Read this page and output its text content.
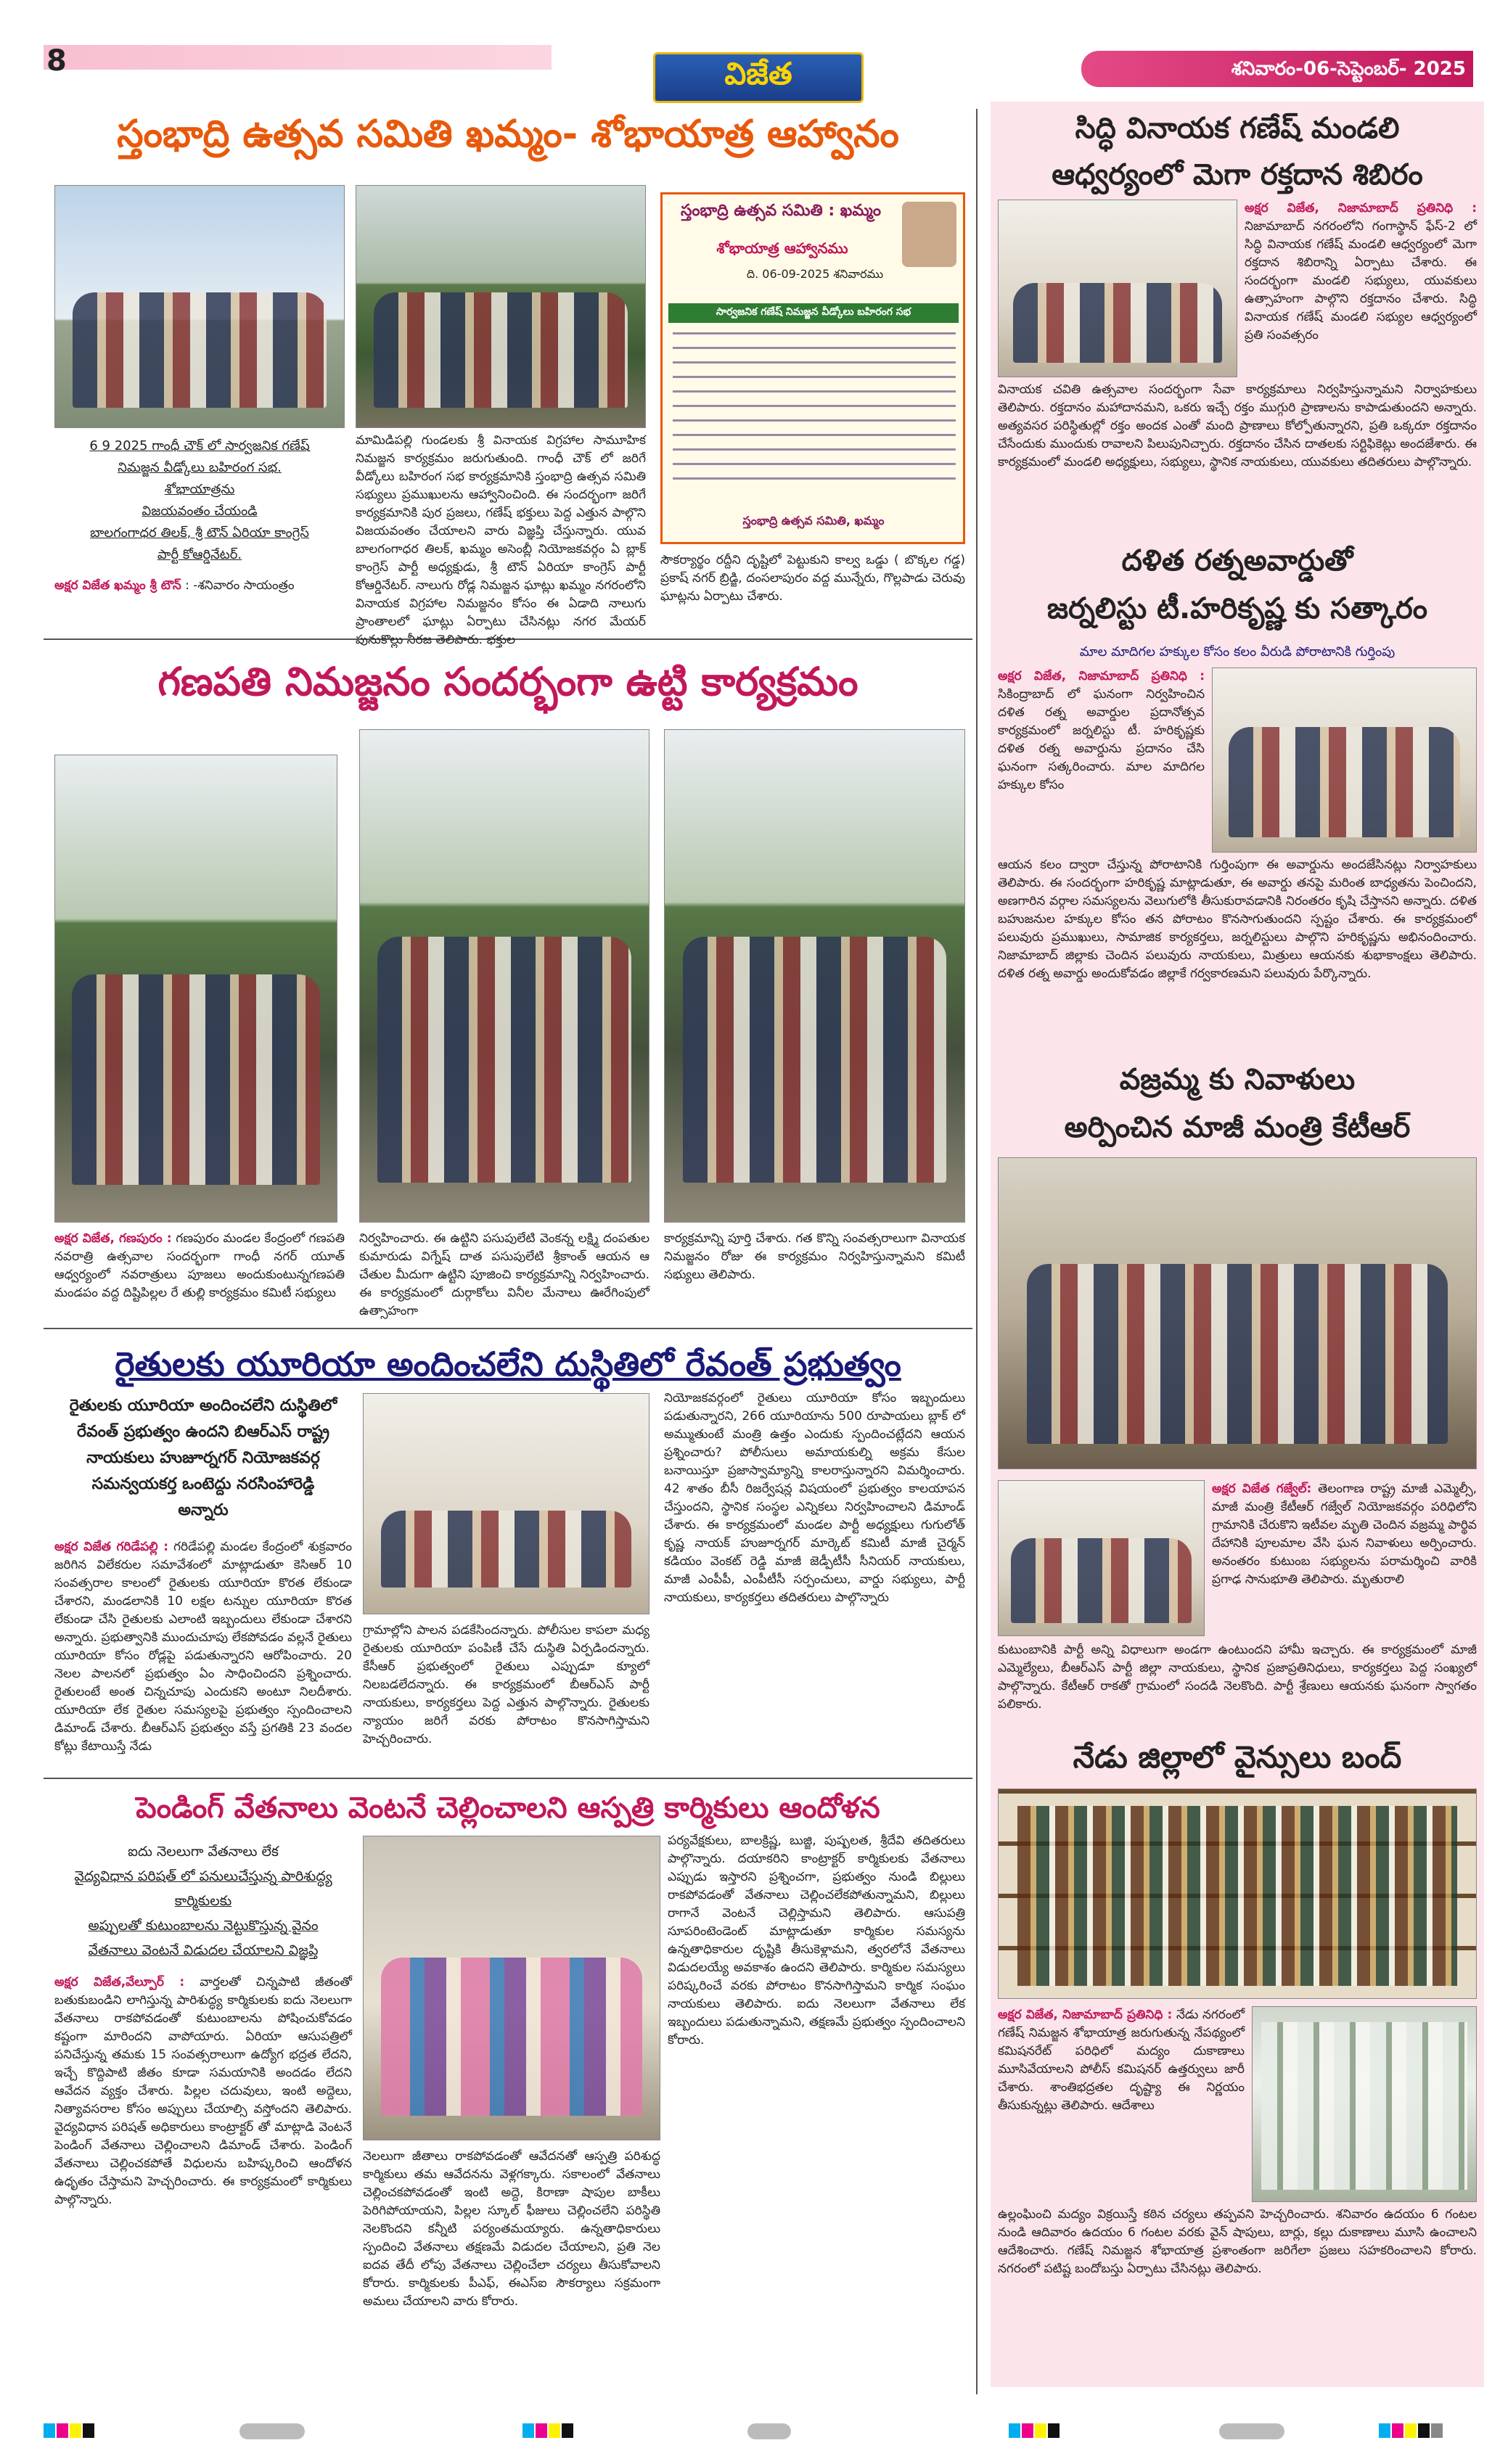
8	విజేత	శనివారం-06-సెప్టెంబర్- 2025
స్తంభాద్రి ఉత్సవ సమితి ఖమ్మం- శోభాయాత్ర ఆహ్వానం
స్తంభాద్రి ఉత్సవ సమితి : ఖమ్మం
శోభాయాత్ర ఆహ్వానము
ది. 06-09-2025 శనివారము
సార్వజనిక గణేష్ నిమజ్జన వీడ్కోలు బహిరంగ సభ
స్తంభాద్రి ఉత్సవ సమితి, ఖమ్మం
6 9 2025 గాంధీ చౌక్ లో సార్వజనిక గణేష్
నిమజ్జన వీడ్కోలు బహిరంగ సభ.
శోభాయాత్రను
విజయవంతం చేయండి
బాలగంగాధర తిలక్, శ్రీ టౌన్ ఏరియా కాంగ్రెస్
పార్టీ కోఆర్డినేటర్.
అక్షర విజేత ఖమ్మం శ్రీ టౌన్ : -శనివారం సాయంత్రం
మామిడిపల్లి గుండలకు శ్రీ వినాయక విగ్రహాల సామూహిక నిమజ్జన కార్యక్రమం జరుగుతుంది. గాంధీ చౌక్ లో జరిగే వీడ్కోలు బహిరంగ సభ కార్యక్రమానికి స్తంభాద్రి ఉత్సవ సమితి సభ్యులు ప్రముఖులను ఆహ్వానించింది. ఈ సందర్భంగా జరిగే కార్యక్రమానికి పుర ప్రజలు, గణేష్ భక్తులు పెద్ద ఎత్తున పాల్గొని విజయవంతం చేయాలని వారు విజ్ఞప్తి చేస్తున్నారు. యువ బాలగంగాధర తిలక్, ఖమ్మం అసెంబ్లీ నియోజకవర్గం ఏ బ్లాక్ కాంగ్రెస్ పార్టీ అధ్యక్షుడు, శ్రీ టౌన్ ఏరియా కాంగ్రెస్ పార్టీ కోఆర్డినేటర్. నాలుగు రోడ్ల నిమజ్జన ఘాట్లు ఖమ్మం నగరంలోని వినాయక విగ్రహాల నిమజ్జనం కోసం ఈ ఏడాది నాలుగు ప్రాంతాలలో ఘాట్లు ఏర్పాటు చేసినట్లు నగర మేయర్ పునుకొల్లు నీరజ తెలిపారు. భక్తుల
సౌకర్యార్థం రద్దీని దృష్టిలో పెట్టుకుని కాల్వ ఒడ్డు ( బొక్కల గడ్డ) ప్రకాష్ నగర్ బ్రిడ్జి, దంసలాపురం వద్ద మున్నేరు, గొల్లపాడు చెరువు ఘాట్లను ఏర్పాటు చేశారు.
గణపతి నిమజ్జనం సందర్భంగా ఉట్టి కార్యక్రమం
అక్షర విజేత, గణపురం : గణపురం మండల కేంద్రంలో గణపతి నవరాత్రి ఉత్సవాల సందర్భంగా గాంధీ నగర్ యూత్ ఆధ్వర్యంలో నవరాత్రులు పూజలు అందుకుంటున్నగణపతి మండపం వద్ద దిష్టిపిల్లల రే తుల్లి కార్యక్రమం కమిటీ సభ్యులు
నిర్వహించారు. ఈ ఉట్టిని పసుపులేటి వెంకన్న లక్ష్మి దంపతుల కుమారుడు విగ్నేష్ దాత పసుపులేటి శ్రీకాంత్ ఆయన ఆ చేతుల మీదుగా ఉట్టిని పూజించి కార్యక్రమాన్ని నిర్వహించారు. ఈ కార్యక్రమంలో దుర్గాకోలు వినీల మేనాలు ఊరేగింపులో ఉత్సాహంగా
కార్యక్రమాన్ని పూర్తి చేశారు. గత కొన్ని సంవత్సరాలుగా వినాయక నిమజ్జనం రోజు ఈ కార్యక్రమం నిర్వహిస్తున్నామని కమిటీ సభ్యులు తెలిపారు.
రైతులకు యూరియా అందించలేని దుస్థితిలో రేవంత్ ప్రభుత్వం
రైతులకు యూరియా అందించలేని దుస్థితిలో
రేవంత్ ప్రభుత్వం ఉందని బిఆర్ఎస్ రాష్ట్ర
నాయకులు హుజూర్నగర్ నియోజకవర్గ
సమన్వయకర్త ఒంటెద్దు నరసింహారెడ్డి
అన్నారు
అక్షర విజేత గరిడేపల్లి : గరిడేపల్లి మండల కేంద్రంలో శుక్రవారం జరిగిన విలేకరుల సమావేశంలో మాట్లాడుతూ కెసిఆర్ 10 సంవత్సరాల కాలంలో రైతులకు యూరియా కొరత లేకుండా చేశారని, మండలానికి 10 లక్షల టన్నుల యూరియా కొరత లేకుండా చేసి రైతులకు ఎలాంటి ఇబ్బందులు లేకుండా చేశారని అన్నారు. ప్రభుత్వానికి ముందుచూపు లేకపోవడం వల్లనే రైతులు యూరియా కోసం రోడ్లపై పడుతున్నారని ఆరోపించారు. 20 నెలల పాలనలో ప్రభుత్వం ఏం సాధించిందని ప్రశ్నించారు. రైతులంటే అంత చిన్నచూపు ఎందుకని అంటూ నిలదీశారు. యూరియా లేక రైతుల సమస్యలపై ప్రభుత్వం స్పందించాలని డిమాండ్ చేశారు. బీఆర్ఎస్ ప్రభుత్వం వస్తే ప్రగతికి 23 వందల కోట్లు కేటాయిస్తే నేడు
గ్రామాల్లోని పాలన పడకేసిందన్నారు. పోలీసుల కాపలా మధ్య రైతులకు యూరియా పంపిణీ చేసే దుస్థితి ఏర్పడిందన్నారు. కేసీఆర్ ప్రభుత్వంలో రైతులు ఎప్పుడూ క్యూలో నిలబడలేదన్నారు. ఈ కార్యక్రమంలో బీఆర్ఎస్ పార్టీ నాయకులు, కార్యకర్తలు పెద్ద ఎత్తున పాల్గొన్నారు. రైతులకు న్యాయం జరిగే వరకు పోరాటం కొనసాగిస్తామని హెచ్చరించారు.
నియోజకవర్గంలో రైతులు యూరియా కోసం ఇబ్బందులు పడుతున్నారని, 266 యూరియాను 500 రూపాయలు బ్లాక్ లో అమ్ముతుంటే మంత్రి ఉత్తం ఎందుకు స్పందించట్లేదని ఆయన ప్రశ్నించారు? పోలీసులు అమాయకుల్ని అక్రమ కేసుల బనాయిస్తూ ప్రజాస్వామ్యాన్ని కాలరాస్తున్నారని విమర్శించారు. 42 శాతం బీసీ రిజర్వేషన్ల విషయంలో ప్రభుత్వం కాలయాపన చేస్తుందని, స్థానిక సంస్థల ఎన్నికలు నిర్వహించాలని డిమాండ్ చేశారు. ఈ కార్యక్రమంలో మండల పార్టీ అధ్యక్షులు గుగులోత్ కృష్ణ నాయక్ హుజూర్నగర్ మార్కెట్ కమిటీ మాజీ చైర్మన్ కడియం వెంకట్ రెడ్డి మాజీ జెడ్పీటీసీ సీనియర్ నాయకులు, మాజీ ఎంపీపీ, ఎంపీటీసీ సర్పంచులు, వార్డు సభ్యులు, పార్టీ నాయకులు, కార్యకర్తలు తదితరులు పాల్గొన్నారు
పెండింగ్ వేతనాలు వెంటనే చెల్లించాలని ఆస్పత్రి కార్మికులు ఆందోళన
ఐదు నెలలుగా వేతనాలు లేక
వైద్యవిధాన పరిషత్ లో పనులుచేస్తున్న పారిశుద్ధ్య
కార్మికులకు
అప్పులతో కుటుంబాలను నెట్టుకొస్తున్న వైనం
వేతనాలు వెంటనే విడుదల చేయాలని విజ్ఞప్తి
అక్షర విజేత,వేల్పూర్ : వార్తలతో చిన్నపాటి జీతంతో బతుకుబండిని లాగిస్తున్న పారిశుద్ధ్య కార్మికులకు ఐదు నెలలుగా వేతనాలు రాకపోవడంతో కుటుంబాలను పోషించుకోవడం కష్టంగా మారిందని వాపోయారు. ఏరియా ఆసుపత్రిలో పనిచేస్తున్న తమకు 15 సంవత్సరాలుగా ఉద్యోగ భద్రత లేదని, ఇచ్చే కొద్దిపాటి జీతం కూడా సమయానికి అందడం లేదని ఆవేదన వ్యక్తం చేశారు. పిల్లల చదువులు, ఇంటి అద్దెలు, నిత్యావసరాల కోసం అప్పులు చేయాల్సి వస్తోందని తెలిపారు. వైద్యవిధాన పరిషత్ అధికారులు కాంట్రాక్టర్ తో మాట్లాడి వెంటనే పెండింగ్ వేతనాలు చెల్లించాలని డిమాండ్ చేశారు. పెండింగ్ వేతనాలు చెల్లించకపోతే విధులను బహిష్కరించి ఆందోళన ఉధృతం చేస్తామని హెచ్చరించారు. ఈ కార్యక్రమంలో కార్మికులు పాల్గొన్నారు.
నెలలుగా జీతాలు రాకపోవడంతో ఆవేదనతో ఆస్పత్రి పరిశుద్ధ కార్మికులు తమ ఆవేదనను వెళ్లగక్కారు. సకాలంలో వేతనాలు చెల్లించకపోవడంతో ఇంటి అద్దె, కిరాణా షాపుల బాకీలు పెరిగిపోయాయని, పిల్లల స్కూల్ ఫీజులు చెల్లించలేని పరిస్థితి నెలకొందని కన్నీటి పర్యంతమయ్యారు. ఉన్నతాధికారులు స్పందించి వేతనాలు తక్షణమే విడుదల చేయాలని, ప్రతి నెల ఐదవ తేదీ లోపు వేతనాలు చెల్లించేలా చర్యలు తీసుకోవాలని కోరారు. కార్మికులకు పీఎఫ్, ఈఎస్ఐ సౌకర్యాలు సక్రమంగా అమలు చేయాలని వారు కోరారు.
పర్యవేక్షకులు, బాలక్రిష్ణ, బుజ్జి, పుష్పలత, శ్రీదేవి తదితరులు పాల్గొన్నారు. దయాకరిని కాంట్రాక్టర్ కార్మికులకు వేతనాలు ఎప్పుడు ఇస్తారని ప్రశ్నించగా, ప్రభుత్వం నుండి బిల్లులు రాకపోవడంతో వేతనాలు చెల్లించలేకపోతున్నామని, బిల్లులు రాగానే వెంటనే చెల్లిస్తామని తెలిపారు. ఆసుపత్రి సూపరింటెండెంట్ మాట్లాడుతూ కార్మికుల సమస్యను ఉన్నతాధికారుల దృష్టికి తీసుకెళ్లామని, త్వరలోనే వేతనాలు విడుదలయ్యే అవకాశం ఉందని తెలిపారు. కార్మికుల సమస్యలు పరిష్కరించే వరకు పోరాటం కొనసాగిస్తామని కార్మిక సంఘం నాయకులు తెలిపారు. ఐదు నెలలుగా వేతనాలు లేక ఇబ్బందులు పడుతున్నామని, తక్షణమే ప్రభుత్వం స్పందించాలని కోరారు.
సిద్ధి వినాయక గణేష్ మండలి
ఆధ్వర్యంలో మెగా రక్తదాన శిబిరం
అక్షర విజేత, నిజామాబాద్ ప్రతినిధి : నిజామాబాద్ నగరంలోని గంగాస్థాన్ ఫేస్-2 లో సిద్ధి వినాయక గణేష్ మండలి ఆధ్వర్యంలో మెగా రక్తదాన శిబిరాన్ని ఏర్పాటు చేశారు. ఈ సందర్భంగా మండలి సభ్యులు, యువకులు ఉత్సాహంగా పాల్గొని రక్తదానం చేశారు. సిద్ధి వినాయక గణేష్ మండలి సభ్యుల ఆధ్వర్యంలో ప్రతి సంవత్సరం
వినాయక చవితి ఉత్సవాల సందర్భంగా సేవా కార్యక్రమాలు నిర్వహిస్తున్నామని నిర్వాహకులు తెలిపారు. రక్తదానం మహాదానమని, ఒకరు ఇచ్చే రక్తం ముగ్గురి ప్రాణాలను కాపాడుతుందని అన్నారు. అత్యవసర పరిస్థితుల్లో రక్తం అందక ఎంతో మంది ప్రాణాలు కోల్పోతున్నారని, ప్రతి ఒక్కరూ రక్తదానం చేసేందుకు ముందుకు రావాలని పిలుపునిచ్చారు. రక్తదానం చేసిన దాతలకు సర్టిఫికెట్లు అందజేశారు. ఈ కార్యక్రమంలో మండలి అధ్యక్షులు, సభ్యులు, స్థానిక నాయకులు, యువకులు తదితరులు పాల్గొన్నారు.
దళిత రత్నఅవార్డుతో
జర్నలిస్టు టీ.హరికృష్ణ కు సత్కారం
మాల మాదిగల హక్కుల కోసం కలం వీరుడి పోరాటానికి గుర్తింపు
అక్షర విజేత, నిజామాబాద్ ప్రతినిధి : సికింద్రాబాద్ లో ఘనంగా నిర్వహించిన దళిత రత్న అవార్డుల ప్రదానోత్సవ కార్యక్రమంలో జర్నలిస్టు టీ. హరికృష్ణకు దళిత రత్న అవార్డును ప్రదానం చేసి ఘనంగా సత్కరించారు. మాల మాదిగల హక్కుల కోసం
ఆయన కలం ద్వారా చేస్తున్న పోరాటానికి గుర్తింపుగా ఈ అవార్డును అందజేసినట్లు నిర్వాహకులు తెలిపారు. ఈ సందర్భంగా హరికృష్ణ మాట్లాడుతూ, ఈ అవార్డు తనపై మరింత బాధ్యతను పెంచిందని, అణగారిన వర్గాల సమస్యలను వెలుగులోకి తీసుకురావడానికి నిరంతరం కృషి చేస్తానని అన్నారు. దళిత బహుజనుల హక్కుల కోసం తన పోరాటం కొనసాగుతుందని స్పష్టం చేశారు. ఈ కార్యక్రమంలో పలువురు ప్రముఖులు, సామాజిక కార్యకర్తలు, జర్నలిస్టులు పాల్గొని హరికృష్ణను అభినందించారు. నిజామాబాద్ జిల్లాకు చెందిన పలువురు నాయకులు, మిత్రులు ఆయనకు శుభాకాంక్షలు తెలిపారు. దళిత రత్న అవార్డు అందుకోవడం జిల్లాకే గర్వకారణమని పలువురు పేర్కొన్నారు.
వజ్రమ్మ కు నివాళులు
అర్పించిన మాజీ మంత్రి కేటీఆర్
అక్షర విజేత గజ్వేల్: తెలంగాణ రాష్ట్ర మాజీ ఎమ్మెల్సీ, మాజీ మంత్రి కేటీఆర్ గజ్వేల్ నియోజకవర్గం పరిధిలోని గ్రామానికి చేరుకొని ఇటీవల మృతి చెందిన వజ్రమ్మ పార్థివ దేహానికి పూలమాల వేసి ఘన నివాళులు అర్పించారు. అనంతరం కుటుంబ సభ్యులను పరామర్శించి వారికి ప్రగాఢ సానుభూతి తెలిపారు. మృతురాలి
కుటుంబానికి పార్టీ అన్ని విధాలుగా అండగా ఉంటుందని హామీ ఇచ్చారు. ఈ కార్యక్రమంలో మాజీ ఎమ్మెల్యేలు, బీఆర్ఎస్ పార్టీ జిల్లా నాయకులు, స్థానిక ప్రజాప్రతినిధులు, కార్యకర్తలు పెద్ద సంఖ్యలో పాల్గొన్నారు. కేటీఆర్ రాకతో గ్రామంలో సందడి నెలకొంది. పార్టీ శ్రేణులు ఆయనకు ఘనంగా స్వాగతం పలికారు.
నేడు జిల్లాలో వైన్సులు బంద్
అక్షర విజేత, నిజామాబాద్ ప్రతినిధి : నేడు నగరంలో గణేష్ నిమజ్జన శోభాయాత్ర జరుగుతున్న నేపథ్యంలో కమిషనరేట్ పరిధిలో మద్యం దుకాణాలు మూసివేయాలని పోలీస్ కమిషనర్ ఉత్తర్వులు జారీ చేశారు. శాంతిభద్రతల దృష్ట్యా ఈ నిర్ణయం తీసుకున్నట్లు తెలిపారు. ఆదేశాలు
ఉల్లంఘించి మద్యం విక్రయిస్తే కఠిన చర్యలు తప్పవని హెచ్చరించారు. శనివారం ఉదయం 6 గంటల నుండి ఆదివారం ఉదయం 6 గంటల వరకు వైన్ షాపులు, బార్లు, కల్లు దుకాణాలు మూసి ఉంచాలని ఆదేశించారు. గణేష్ నిమజ్జన శోభాయాత్ర ప్రశాంతంగా జరిగేలా ప్రజలు సహకరించాలని కోరారు. నగరంలో పటిష్ట బందోబస్తు ఏర్పాటు చేసినట్లు తెలిపారు.
